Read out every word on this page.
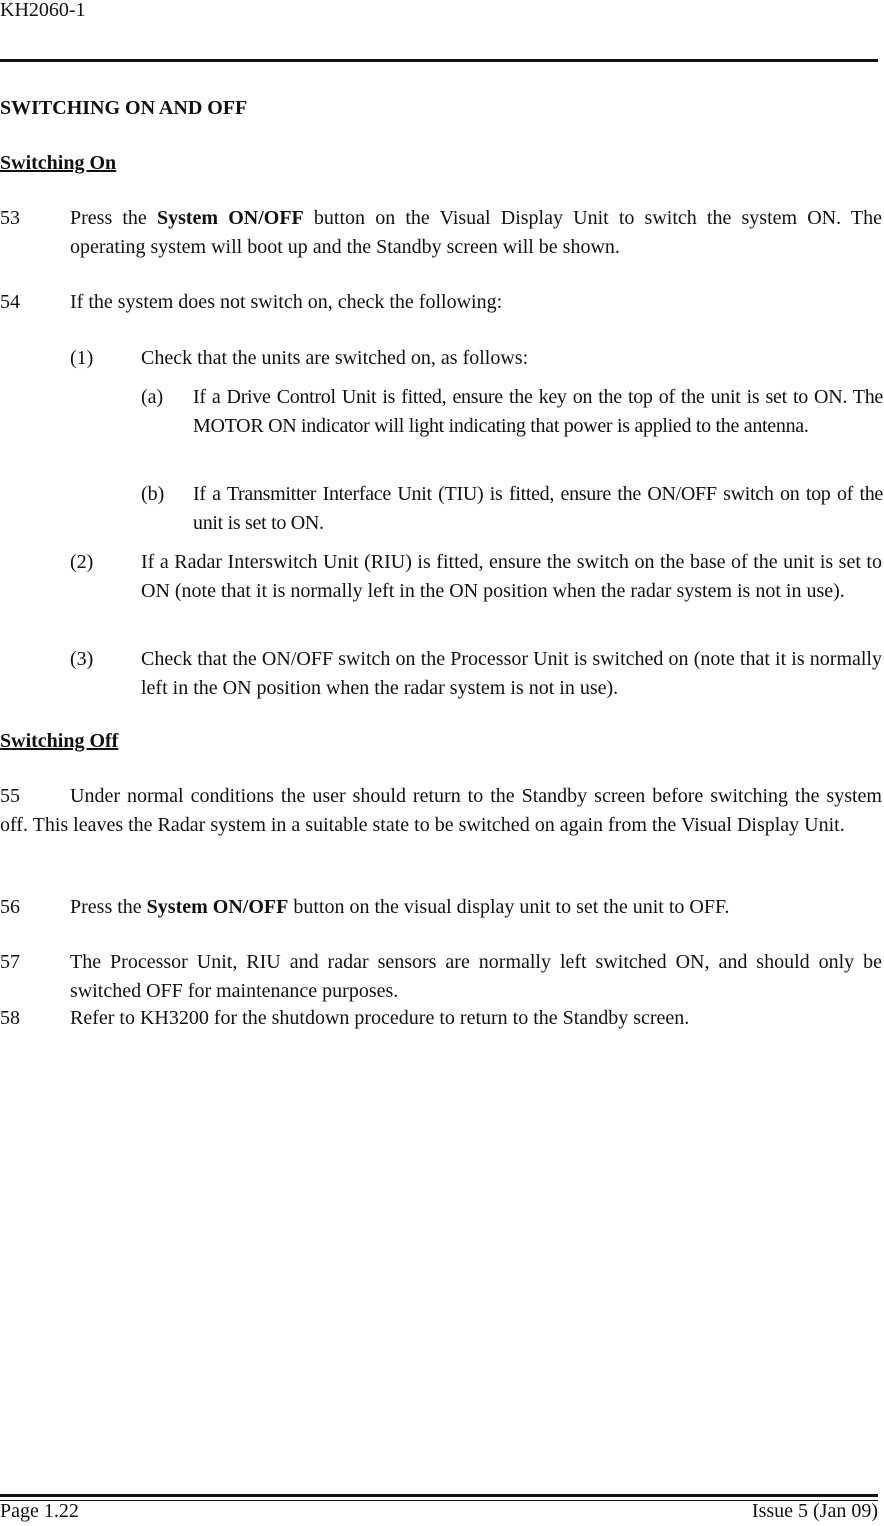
KH2060-1
SWITCHING ON AND OFF
Switching On
53	Press the System ON/OFF button on the Visual Display Unit to switch the system ON. The operating system will boot up and the Standby screen will be shown.
54	If the system does not switch on, check the following:
(1)	Check that the units are switched on, as follows:
(a)	If a Drive Control Unit is fitted, ensure the key on the top of the unit is set to ON. The MOTOR ON indicator will light indicating that power is applied to the antenna.
(b)	If a Transmitter Interface Unit (TIU) is fitted, ensure the ON/OFF switch on top of the unit is set to ON.
(2)	If a Radar Interswitch Unit (RIU) is fitted, ensure the switch on the base of the unit is set to ON (note that it is normally left in the ON position when the radar system is not in use).
(3)	Check that the ON/OFF switch on the Processor Unit is switched on (note that it is normally left in the ON position when the radar system is not in use).
Switching Off
55	Under normal conditions the user should return to the Standby screen before switching the system off. This leaves the Radar system in a suitable state to be switched on again from the Visual Display Unit.
56	Press the System ON/OFF button on the visual display unit to set the unit to OFF.
57	The Processor Unit, RIU and radar sensors are normally left switched ON, and should only be switched OFF for maintenance purposes.
58	Refer to KH3200 for the shutdown procedure to return to the Standby screen.
Page 1.22	Issue 5 (Jan 09)
